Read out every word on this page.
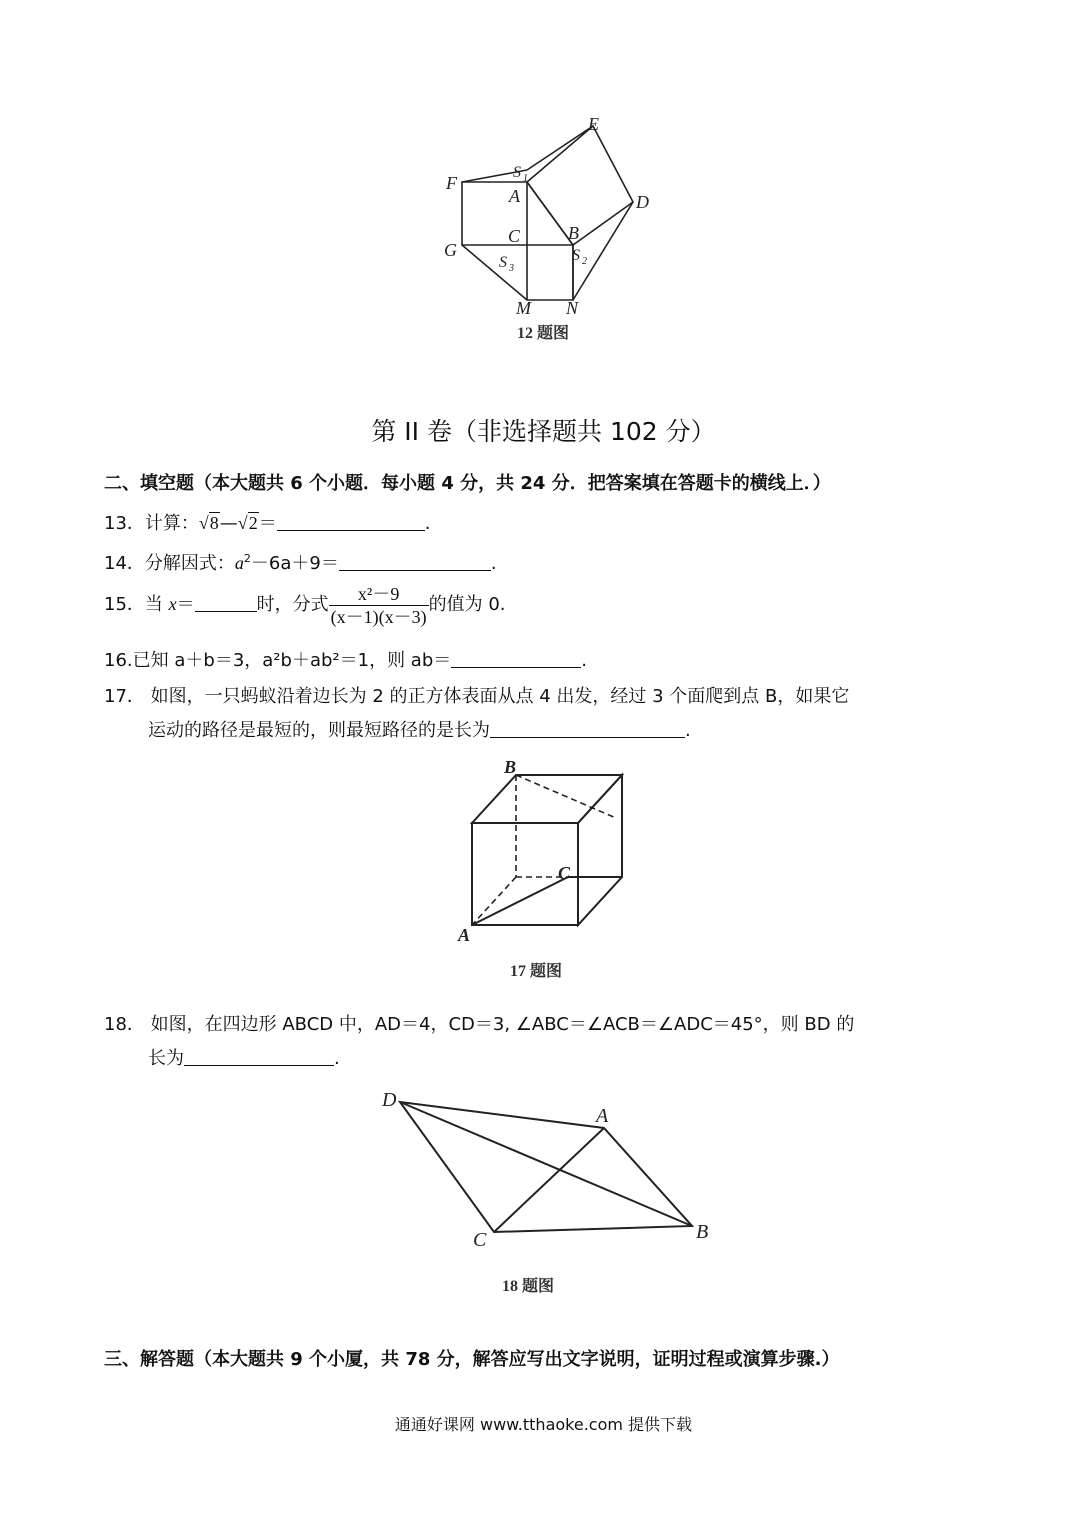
E
F
S 1
A	D
C	B
G
S 3
S 2
M N
12 题图
第 II 卷（非选择题共 102 分）
二、填空题（本大题共 6 个小题．每小题 4 分，共 24 分．把答案填在答题卡的横线上．）
13．计算：√8—√2＝	.
14．分解因式：$a^2-6a+9=$	.
15．当 x＝	时，分式 $\frac{\text{x²－9}}{(x-1)(x-3)}$ 的值为 0.
16.已知 a＋b＝3，a²b＋ab²＝1，则 ab＝	.
17． 如图，一只蚂蚁沿着边长为 2 的正方体表面从点 4 出发，经过 3 个面爬到点 B，如果它
运动的路径是最短的，则最短路径的是长为	.
B
C
A
17 题图
18． 如图，在四边形 ABCD 中，AD＝4，CD＝3, ∠ABC＝∠ACB＝∠ADC＝45°，则 BD 的
长为	.
D
A
B
C
18 题图
三、解答题（本大题共 9 个小厦，共 78 分，解答应写出文字说明，证明过程或演算步骤.）
通通好课网 www.tthaoke.com 提供下载
